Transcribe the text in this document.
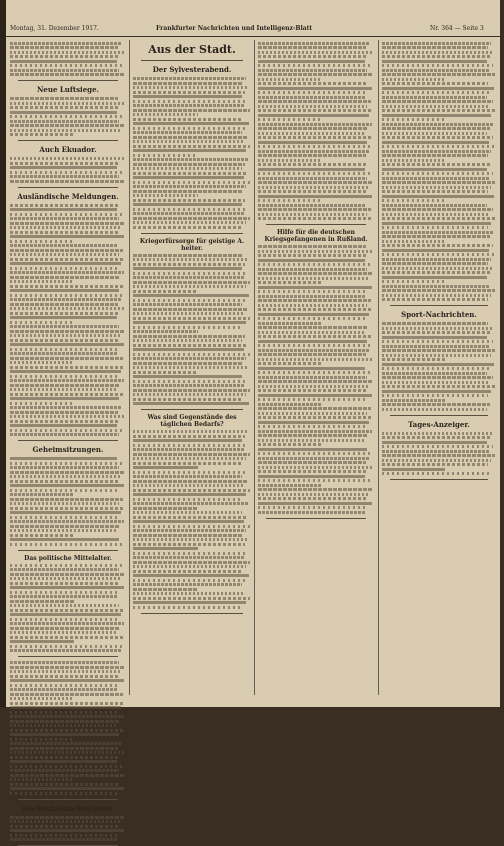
Montag, 31. Dezember 1917.	Frankfurter Nachrichten und Intelligenz-Blatt	Nr. 364 — Seite 3
Neue Luftsiege.
Auch Ekuador.
Ausländische Meldungen.
Geheimsitzungen.
Das politische Mittelalter.
Hochschulnachrichten.
Aus der Stadt.
Der Sylvesterabend.
Kriegerfürsorge für geistige A. heiter.
Was sind Gegenstände des täglichen Bedarfs?
Hilfe für die deutschen Kriegsgefangenen in Rußland.
Sport-Nachrichten.
Tages-Anzeiger.
